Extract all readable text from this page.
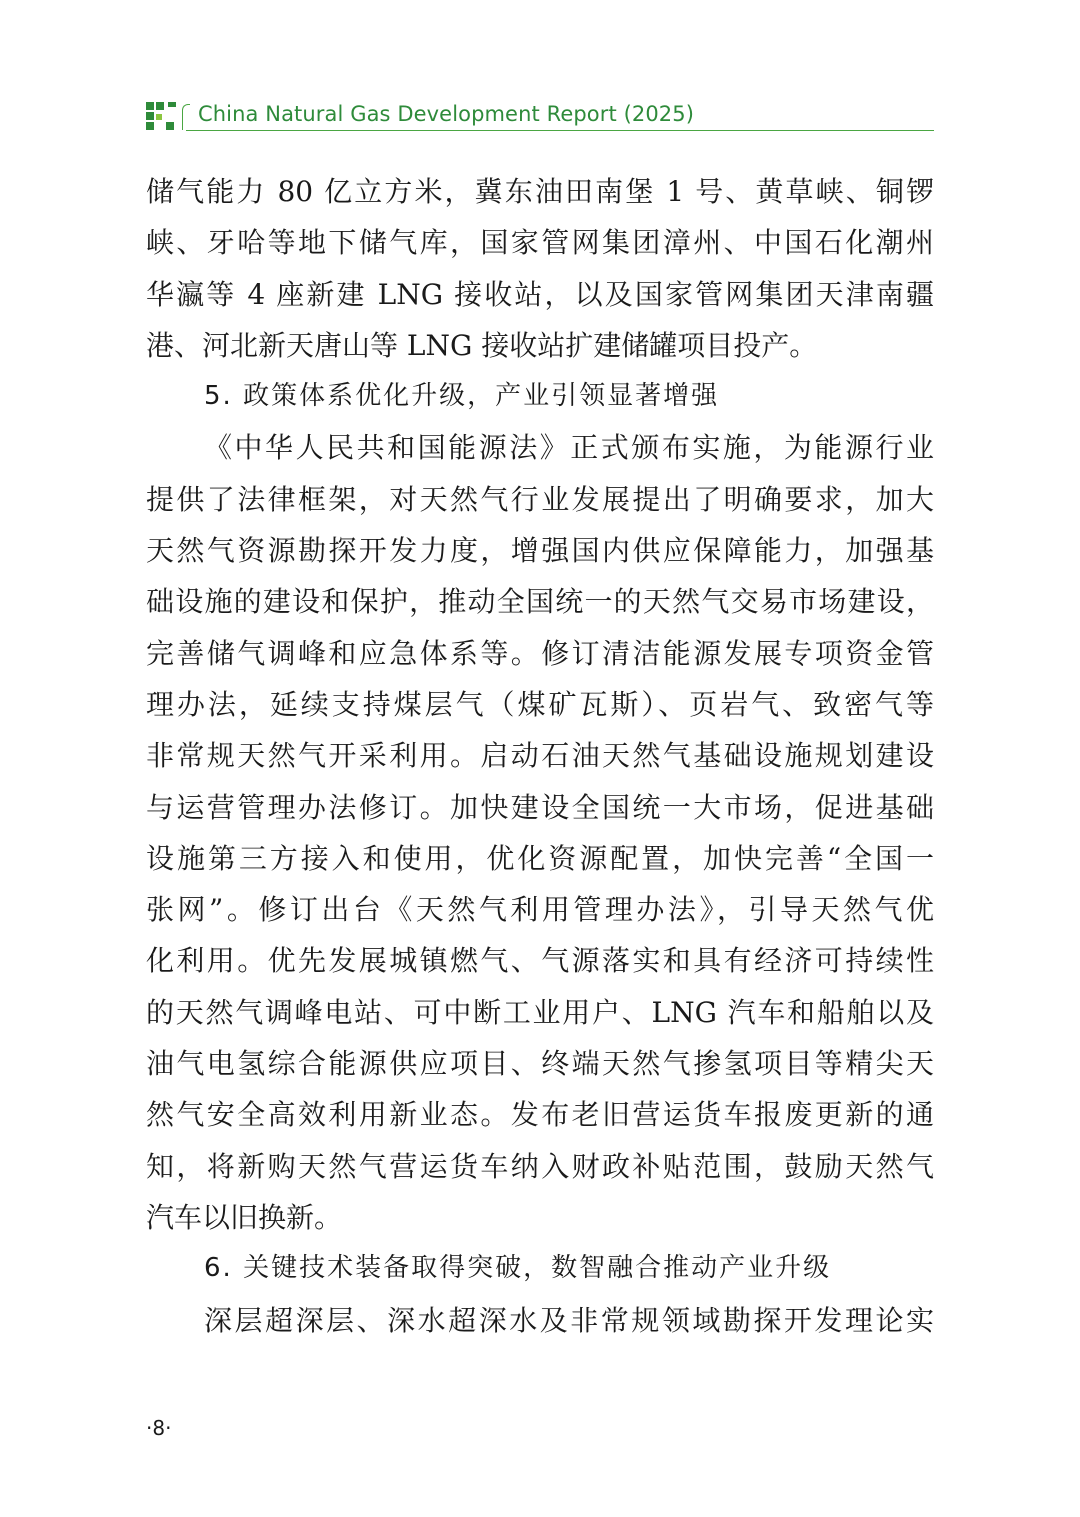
China Natural Gas Development Report (2025)
储气能力 80 亿立方米，冀东油田南堡 1 号、黄草峡、铜锣
峡、牙哈等地下储气库，国家管网集团漳州、中国石化潮州
华瀛等 4 座新建 LNG 接收站，以及国家管网集团天津南疆
港、河北新天唐山等 LNG 接收站扩建储罐项目投产。
5. 政策体系优化升级，产业引领显著增强
《中华人民共和国能源法》正式颁布实施，为能源行业
提供了法律框架，对天然气行业发展提出了明确要求，加大
天然气资源勘探开发力度，增强国内供应保障能力，加强基
础设施的建设和保护，推动全国统一的天然气交易市场建设，
完善储气调峰和应急体系等。修订清洁能源发展专项资金管
理办法，延续支持煤层气（煤矿瓦斯）、页岩气、致密气等
非常规天然气开采利用。启动石油天然气基础设施规划建设
与运营管理办法修订。加快建设全国统一大市场，促进基础
设施第三方接入和使用，优化资源配置，加快完善“全国一
张网”。修订出台《天然气利用管理办法》，引导天然气优
化利用。优先发展城镇燃气、气源落实和具有经济可持续性
的天然气调峰电站、可中断工业用户、LNG 汽车和船舶以及
油气电氢综合能源供应项目、终端天然气掺氢项目等精尖天
然气安全高效利用新业态。发布老旧营运货车报废更新的通
知，将新购天然气营运货车纳入财政补贴范围，鼓励天然气
汽车以旧换新。
6. 关键技术装备取得突破，数智融合推动产业升级
深层超深层、深水超深水及非常规领域勘探开发理论实
·8·
